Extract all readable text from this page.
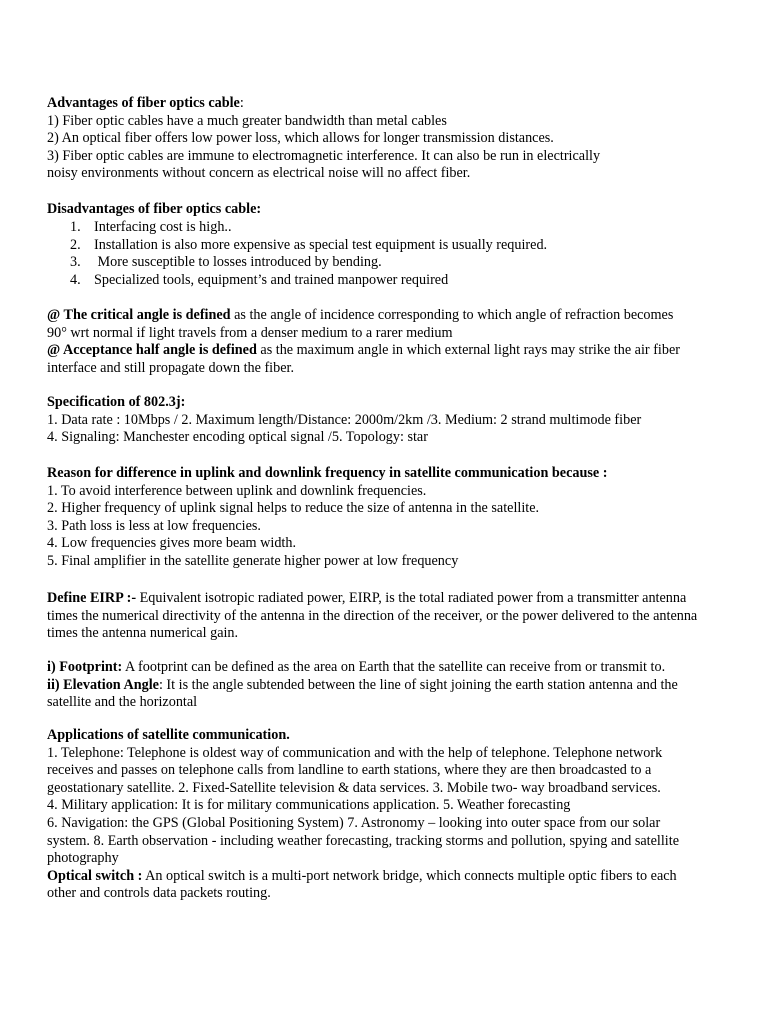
Advantages of fiber optics cable:
1) Fiber optic cables have a much greater bandwidth than metal cables
2) An optical fiber offers low power loss, which allows for longer transmission distances.
3) Fiber optic cables are immune to electromagnetic interference. It can also be run in electrically
noisy environments without concern as electrical noise will no affect fiber.
Disadvantages of fiber optics cable:
1. Interfacing cost is high..
2. Installation is also more expensive as special test equipment is usually required.
3. More susceptible to losses introduced by bending.
4. Specialized tools, equipment’s and trained manpower required
@ The critical angle is defined as the angle of incidence corresponding to which angle of refraction becomes
90° wrt normal if light travels from a denser medium to a rarer medium
@ Acceptance half angle is defined as the maximum angle in which external light rays may strike the air fiber
interface and still propagate down the fiber.
Specification of 802.3j:
1. Data rate : 10Mbps / 2. Maximum length/Distance: 2000m/2km /3. Medium: 2 strand multimode fiber
4. Signaling: Manchester encoding optical signal /5. Topology: star
Reason for difference in uplink and downlink frequency in satellite communication because :
1. To avoid interference between uplink and downlink frequencies.
2. Higher frequency of uplink signal helps to reduce the size of antenna in the satellite.
3. Path loss is less at low frequencies.
4. Low frequencies gives more beam width.
5. Final amplifier in the satellite generate higher power at low frequency
Define EIRP :- Equivalent isotropic radiated power, EIRP, is the total radiated power from a transmitter antenna
times the numerical directivity of the antenna in the direction of the receiver, or the power delivered to the antenna
times the antenna numerical gain.
i) Footprint: A footprint can be defined as the area on Earth that the satellite can receive from or transmit to.
ii) Elevation Angle: It is the angle subtended between the line of sight joining the earth station antenna and the
satellite and the horizontal
Applications of satellite communication.
1. Telephone: Telephone is oldest way of communication and with the help of telephone. Telephone network
receives and passes on telephone calls from landline to earth stations, where they are then broadcasted to a
geostationary satellite. 2. Fixed-Satellite television & data services. 3. Mobile two- way broadband services.
4. Military application: It is for military communications application. 5. Weather forecasting
6. Navigation: the GPS (Global Positioning System) 7. Astronomy – looking into outer space from our solar
system. 8. Earth observation - including weather forecasting, tracking storms and pollution, spying and satellite
photography
Optical switch : An optical switch is a multi-port network bridge, which connects multiple optic fibers to each
other and controls data packets routing.
